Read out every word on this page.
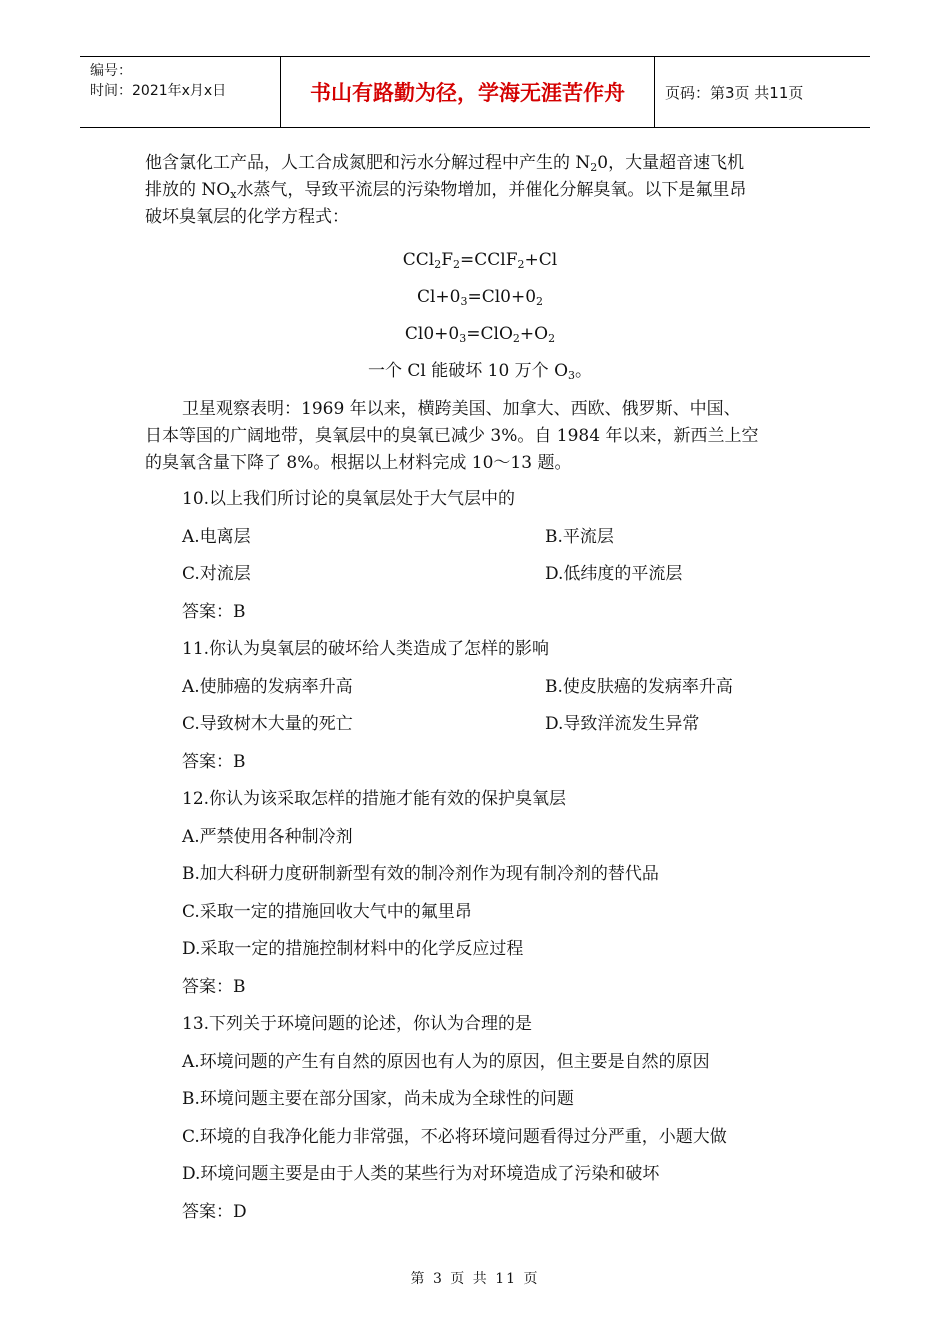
编号：
时间：2021年x月x日	书山有路勤为径，学海无涯苦作舟	页码：第3页 共11页

他含氯化工产品，人工合成氮肥和污水分解过程中产生的 $N_20$，大量超音速飞机

排放的 $NO_x$水蒸气，导致平流层的污染物增加，并催化分解臭氧。以下是氟里昂

破坏臭氧层的化学方程式：

$CCl_2F_2=CClF_2+Cl$
$Cl+0_3=Cl0+0_2$
$Cl0+0_3=ClO_2+O_2$
一个 Cl 能破坏 10 万个 $O_3$。

卫星观察表明：1969 年以来，横跨美国、加拿大、西欧、俄罗斯、中国、

日本等国的广阔地带，臭氧层中的臭氧已减少 3%。自 1984 年以来，新西兰上空

的臭氧含量下降了 8%。根据以上材料完成 10～13 题。

10.以上我们所讨论的臭氧层处于大气层中的
A.电离层	B.平流层
C.对流层	D.低纬度的平流层
答案：B
11.你认为臭氧层的破坏给人类造成了怎样的影响
A.使肺癌的发病率升高	B.使皮肤癌的发病率升高
C.导致树木大量的死亡	D.导致洋流发生异常
答案：B
12.你认为该采取怎样的措施才能有效的保护臭氧层
A.严禁使用各种制冷剂
B.加大科研力度研制新型有效的制冷剂作为现有制冷剂的替代品
C.采取一定的措施回收大气中的氟里昂
D.采取一定的措施控制材料中的化学反应过程
答案：B
13.下列关于环境问题的论述，你认为合理的是
A.环境问题的产生有自然的原因也有人为的原因，但主要是自然的原因
B.环境问题主要在部分国家，尚未成为全球性的问题
C.环境的自我净化能力非常强，不必将环境问题看得过分严重，小题大做
D.环境问题主要是由于人类的某些行为对环境造成了污染和破坏
答案：D
第 3 页 共 11 页
